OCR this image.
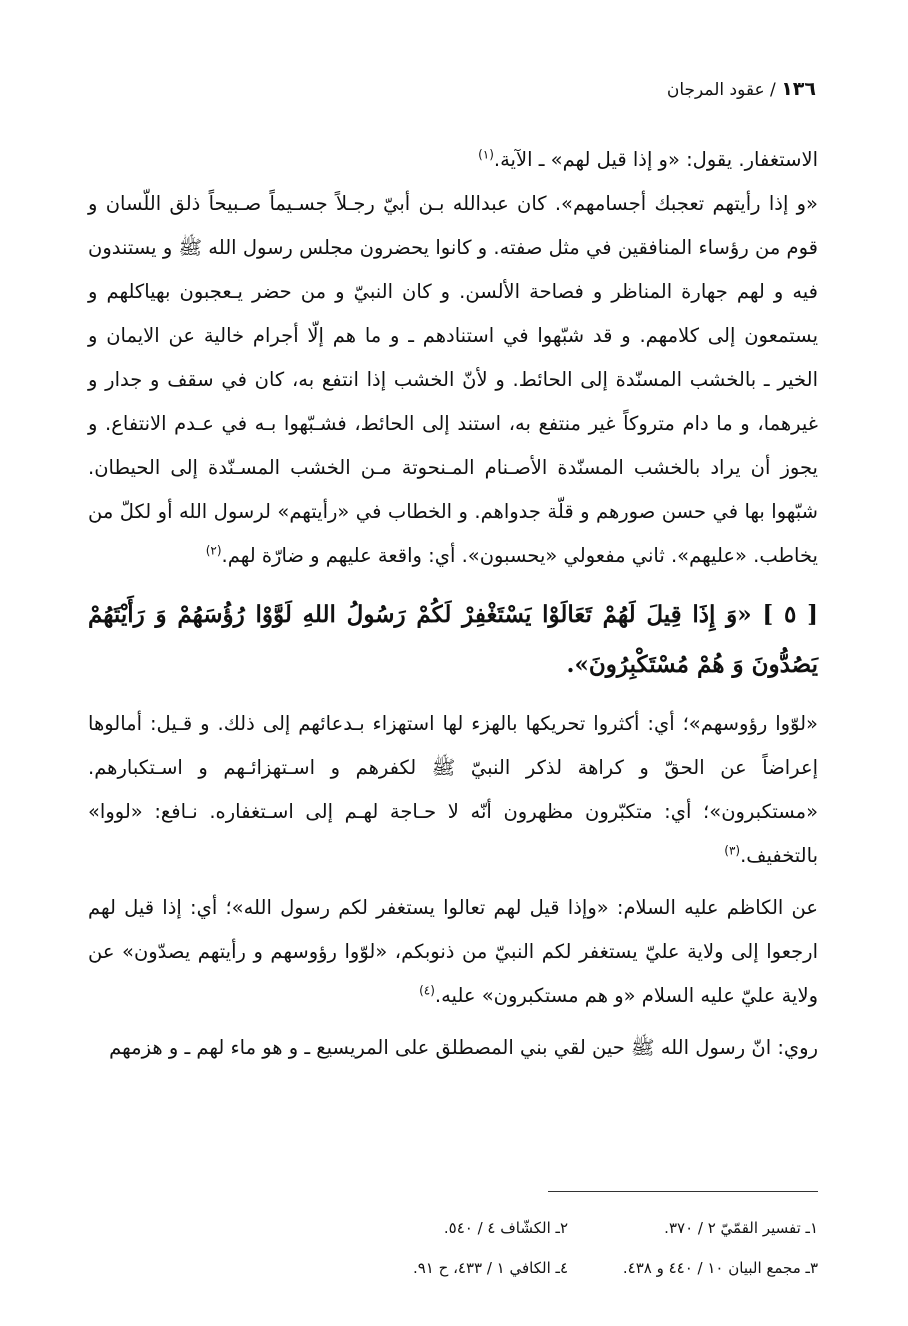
١٣٦ / عقود المرجان

الاستغفار. يقول: «و إذا قيل لهم» ـ الآية.$^{(١)}$

«و إذا رأيتهم تعجبك أجسامهم». كان عبدالله بـن أبيّ رجـلاً جسـيماً صـبيحاً ذلق اللّسان و قوم من رؤساء المنافقين في مثل صفته. و كانوا يحضرون مجلس رسول الله ﷺ و يستندون فيه و لهم جهارة المناظر و فصاحة الألسن. و كان النبيّ و من حضر يـعجبون بهياكلهم و يستمعون إلى كلامهم. و قد شبّهوا في استنادهم ـ و ما هم إلّا أجرام خالية عن الايمان و الخير ـ بالخشب المسنّدة إلى الحائط. و لأنّ الخشب إذا انتفع به، كان في سقف و جدار و غيرهما، و ما دام متروكاً غير منتفع به، استند إلى الحائط، فشـبّهوا بـه في عـدم الانتفاع. و يجوز أن يراد بالخشب المسنّدة الأصـنام المـنحوتة مـن الخشب المسـنّدة إلى الحيطان. شبّهوا بها في حسن صورهم و قلّة جدواهم. و الخطاب في «رأيتهم» لرسول الله أو لكلّ من يخاطب. «عليهم». ثاني مفعولي «يحسبون». أي: واقعة عليهم و ضارّة لهم.$^{(٢)}$

[ ٥ ] «وَ إِذَا قِيلَ لَهُمْ تَعَالَوْا يَسْتَغْفِرْ لَكُمْ رَسُولُ اللهِ لَوَّوْا رُؤُسَهُمْ وَ رَأَيْتَهُمْ يَصُدُّونَ وَ هُمْ مُسْتَكْبِرُونَ».

«لوّوا رؤوسهم»؛ أي: أكثروا تحريكها بالهزء لها استهزاء بـدعائهم إلى ذلك. و قـيل: أمالوها إعراضاً عن الحقّ و كراهة لذكر النبيّ ﷺ لكفرهم و اسـتهزائـهم و اسـتكبارهم. «مستكبرون»؛ أي: متكبّرون مظهرون أنّه لا حـاجة لهـم إلى اسـتغفاره. نـافع: «لووا» بالتخفيف.$^{(٣)}$

عن الكاظم عليه السلام: «وإذا قيل لهم تعالوا يستغفر لكم رسول الله»؛ أي: إذا قيل لهم ارجعوا إلى ولاية عليّ يستغفر لكم النبيّ من ذنوبكم، «لوّوا رؤوسهم و رأيتهم يصدّون» عن ولاية عليّ عليه السلام «و هم مستكبرون» عليه.$^{(٤)}$

روي: انّ رسول الله ﷺ حين لقي بني المصطلق على المريسيع ـ و هو ماء لهم ـ و هزمهم

١ـ تفسير القمّيّ ٢ / ٣٧٠.
٢ـ الكشّاف ٤ / ٥٤٠.
٣ـ مجمع البيان ١٠ / ٤٤٠ و ٤٣٨.
٤ـ الكافي ١ / ٤٣٣، ح ٩١.
